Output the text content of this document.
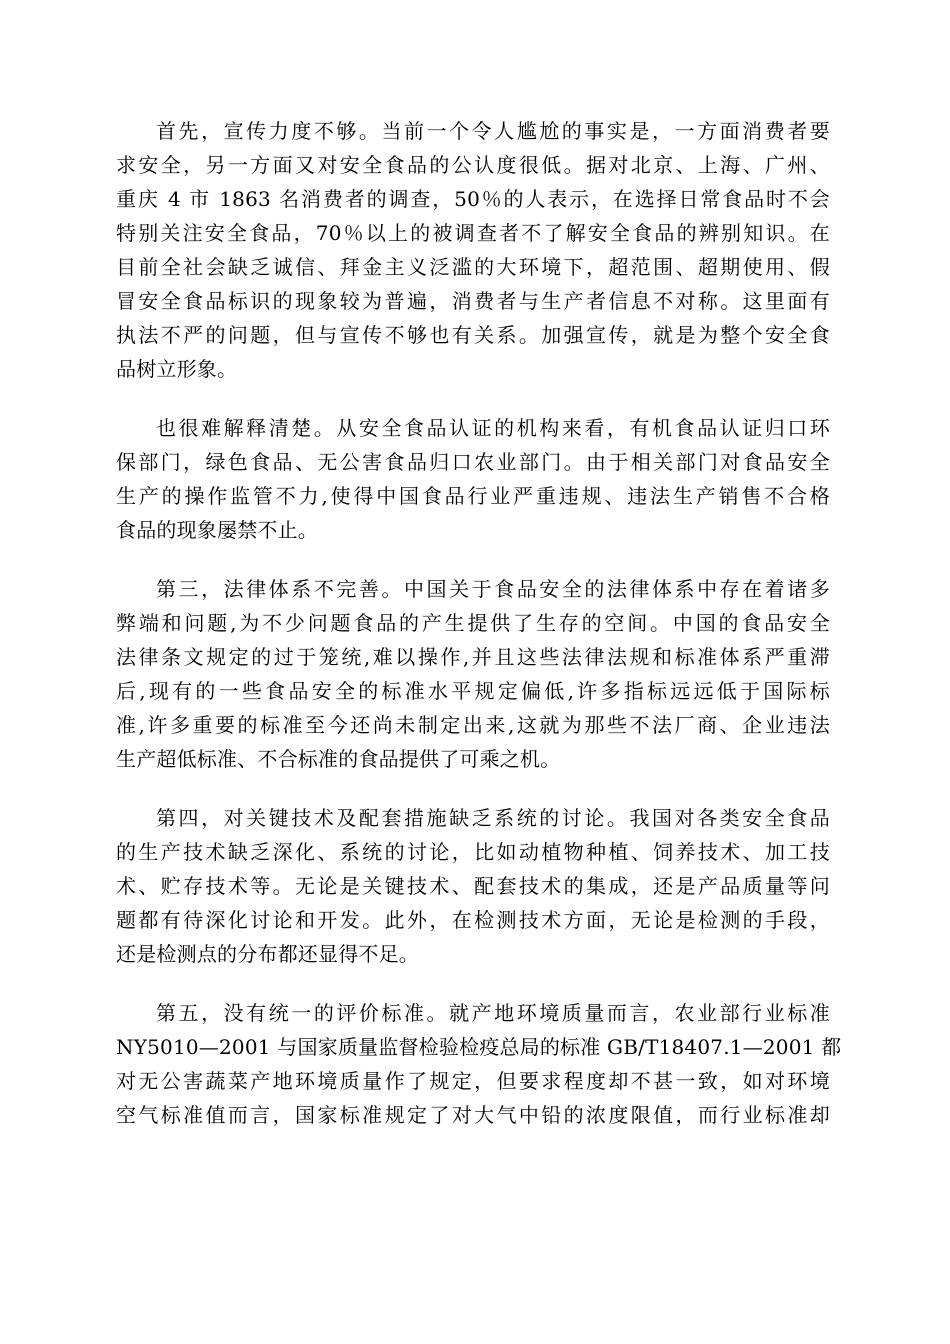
首先，宣传力度不够。当前一个令人尴尬的事实是，一方面消费者要
求安全，另一方面又对安全食品的公认度很低。据对北京、上海、广州、
重庆 4 市 1863 名消费者的调查，50％的人表示，在选择日常食品时不会
特别关注安全食品，70％以上的被调查者不了解安全食品的辨别知识。在
目前全社会缺乏诚信、拜金主义泛滥的大环境下，超范围、超期使用、假
冒安全食品标识的现象较为普遍，消费者与生产者信息不对称。这里面有
执法不严的问题，但与宣传不够也有关系。加强宣传，就是为整个安全食
品树立形象。
也很难解释清楚。从安全食品认证的机构来看，有机食品认证归口环
保部门，绿色食品、无公害食品归口农业部门。由于相关部门对食品安全
生产的操作监管不力,使得中国食品行业严重违规、违法生产销售不合格
食品的现象屡禁不止。
第三，法律体系不完善。中国关于食品安全的法律体系中存在着诸多
弊端和问题,为不少问题食品的产生提供了生存的空间。中国的食品安全
法律条文规定的过于笼统,难以操作,并且这些法律法规和标准体系严重滞
后,现有的一些食品安全的标准水平规定偏低,许多指标远远低于国际标
准,许多重要的标准至今还尚未制定出来,这就为那些不法厂商、企业违法
生产超低标准、不合标准的食品提供了可乘之机。
第四，对关键技术及配套措施缺乏系统的讨论。我国对各类安全食品
的生产技术缺乏深化、系统的讨论，比如动植物种植、饲养技术、加工技
术、贮存技术等。无论是关键技术、配套技术的集成，还是产品质量等问
题都有待深化讨论和开发。此外，在检测技术方面，无论是检测的手段，
还是检测点的分布都还显得不足。
第五，没有统一的评价标准。就产地环境质量而言，农业部行业标准
NY5010—2001 与国家质量监督检验检疫总局的标准 GB/T18407.1—2001 都
对无公害蔬菜产地环境质量作了规定，但要求程度却不甚一致，如对环境
空气标准值而言，国家标准规定了对大气中铅的浓度限值，而行业标准却
